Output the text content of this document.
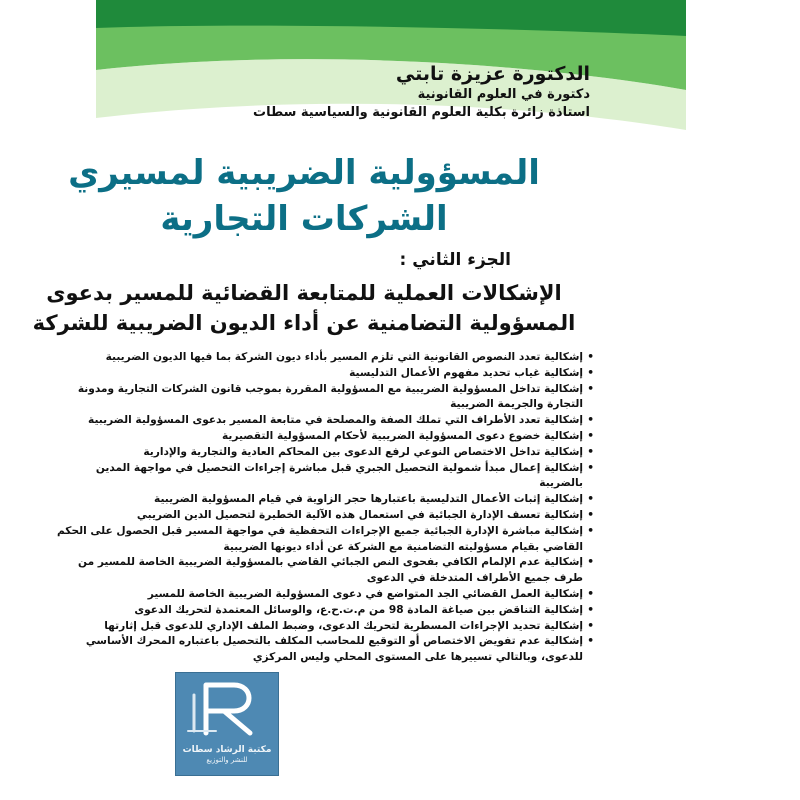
الدكتورة عزيزة تابتي
دكتورة في العلوم القانونية
استاذة زائرة بكلية العلوم القانونية والسياسية سطات
المسؤولية الضريبية لمسيري
الشركات التجارية
الجزء الثاني :
الإشكالات العملية للمتابعة القضائية للمسير بدعوى
المسؤولية التضامنية عن أداء الديون الضريبية للشركة
• إشكالية تعدد النصوص القانونية التي تلزم المسير بأداء ديون الشركة بما فيها الديون الضريبية
• إشكالية غياب تحديد مفهوم الأعمال التدليسية
• إشكالية تداخل المسؤولية الضريبية مع المسؤولية المقررة بموجب قانون الشركات التجارية ومدونة التجارة والجريمة الضريبية
• إشكالية تعدد الأطراف التي تملك الصفة والمصلحة في متابعة المسير بدعوى المسؤولية الضريبية
• إشكالية خضوع دعوى المسؤولية الضريبية لأحكام المسؤولية التقصيرية
• إشكالية تداخل الاختصاص النوعي لرفع الدعوى بين المحاكم العادية والتجارية والإدارية
• إشكالية إعمال مبدأ شمولية التحصيل الجبري قبل مباشرة إجراءات التحصيل في مواجهة المدين بالضريبة
• إشكالية إثبات الأعمال التدليسية باعتبارها حجر الزاوية في قيام المسؤولية الضريبية
• إشكالية تعسف الإدارة الجبائية في استعمال هذه الآلية الخطيرة لتحصيل الدين الضريبي
• إشكالية مباشرة الإدارة الجبائية جميع الإجراءات التحفظية في مواجهة المسير قبل الحصول على الحكم القاضي بقيام مسؤوليته التضامنية مع الشركة عن أداء ديونها الضريبية
• إشكالية عدم الإلمام الكافي بفحوى النص الجبائي القاضي بالمسؤولية الضريبية الخاصة للمسير من طرف جميع الأطراف المتدخلة في الدعوى
• إشكالية العمل القضائي الجد المتواضع في دعوى المسؤولية الضريبية الخاصة للمسير
• إشكالية التناقض بين صياغة المادة 98 من م.ت.ح.ع، والوسائل المعتمدة لتحريك الدعوى
• إشكالية تحديد الإجراءات المسطرية لتحريك الدعوى، وضبط الملف الإداري للدعوى قبل إثارتها
• إشكالية عدم تفويض الاختصاص أو التوقيع للمحاسب المكلف بالتحصيل باعتباره المحرك الأساسي للدعوى، وبالتالي تسييرها على المستوى المحلي وليس المركزي
مكتبة الرشاد سطات
للنشر والتوزيع
